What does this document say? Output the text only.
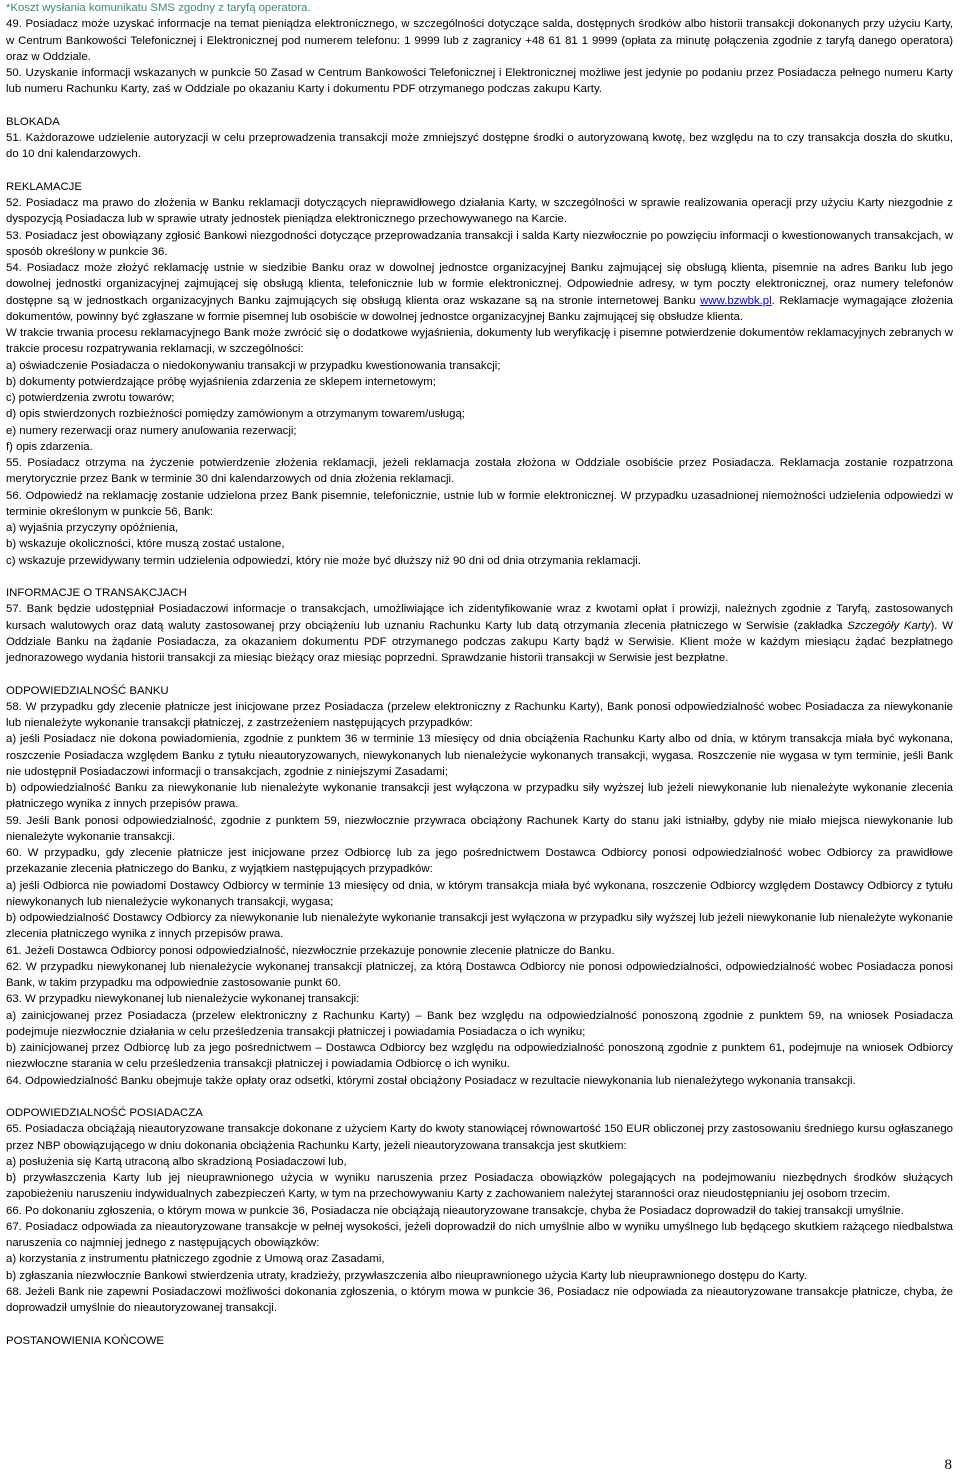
*Koszt wysłania komunikatu SMS zgodny z taryfą operatora.

49. Posiadacz może uzyskać informacje na temat pieniądza elektronicznego, w szczególności dotyczące salda, dostępnych środków albo historii transakcji dokonanych przy użyciu Karty, w Centrum Bankowości Telefonicznej i Elektronicznej pod numerem telefonu: 1 9999 lub z zagranicy +48 61 81 1 9999 (opłata za minutę połączenia zgodnie z taryfą danego operatora) oraz w Oddziale.

50. Uzyskanie informacji wskazanych w punkcie 50 Zasad w Centrum Bankowości Telefonicznej i Elektronicznej możliwe jest jedynie po podaniu przez Posiadacza pełnego numeru Karty lub numeru Rachunku Karty, zaś w Oddziale po okazaniu Karty i dokumentu PDF otrzymanego podczas zakupu Karty.

BLOKADA

51. Każdorazowe udzielenie autoryzacji w celu przeprowadzenia transakcji może zmniejszyć dostępne środki o autoryzowaną kwotę, bez względu na to czy transakcja doszła do skutku, do 10 dni kalendarzowych.

REKLAMACJE

52. Posiadacz ma prawo do złożenia w Banku reklamacji dotyczących nieprawidłowego działania Karty, w szczególności w sprawie realizowania operacji przy użyciu Karty niezgodnie z dyspozycją Posiadacza lub w sprawie utraty jednostek pieniądza elektronicznego przechowywanego na Karcie.

53. Posiadacz jest obowiązany zgłosić Bankowi niezgodności dotyczące przeprowadzania transakcji i salda Karty niezwłocznie po powzięciu informacji o kwestionowanych transakcjach, w sposób określony w punkcie 36.

54. Posiadacz może złożyć reklamację ustnie w siedzibie Banku oraz w dowolnej jednostce organizacyjnej Banku zajmującej się obsługą klienta, pisemnie na adres Banku lub jego dowolnej jednostki organizacyjnej zajmującej się obsługą klienta, telefonicznie lub w formie elektronicznej. Odpowiednie adresy, w tym poczty elektronicznej, oraz numery telefonów dostępne są w jednostkach organizacyjnych Banku zajmujących się obsługą klienta oraz wskazane są na stronie internetowej Banku www.bzwbk.pl. Reklamacje wymagające złożenia dokumentów, powinny być zgłaszane w formie pisemnej lub osobiście w dowolnej jednostce organizacyjnej Banku zajmującej się obsłudze klienta.

W trakcie trwania procesu reklamacyjnego Bank może zwrócić się o dodatkowe wyjaśnienia, dokumenty lub weryfikację i pisemne potwierdzenie dokumentów reklamacyjnych zebranych w trakcie procesu rozpatrywania reklamacji, w szczególności:

a) oświadczenie Posiadacza o niedokonywaniu transakcji w przypadku kwestionowania transakcji;

b) dokumenty potwierdzające próbę wyjaśnienia zdarzenia ze sklepem internetowym;

c) potwierdzenia zwrotu towarów;

d) opis stwierdzonych rozbieżności pomiędzy zamówionym a otrzymanym towarem/usługą;

e) numery rezerwacji oraz numery anulowania rezerwacji;

f) opis zdarzenia.

55. Posiadacz otrzyma na życzenie potwierdzenie złożenia reklamacji, jeżeli reklamacja została złożona w Oddziale osobiście przez Posiadacza. Reklamacja zostanie rozpatrzona merytorycznie przez Bank w terminie 30 dni kalendarzowych od dnia złożenia reklamacji.

56. Odpowiedź na reklamację zostanie udzielona przez Bank pisemnie, telefonicznie, ustnie lub w formie elektronicznej. W przypadku uzasadnionej niemożności udzielenia odpowiedzi w terminie określonym w punkcie 56, Bank:

a) wyjaśnia przyczyny opóźnienia,

b) wskazuje okoliczności, które muszą zostać ustalone,

c) wskazuje przewidywany termin udzielenia odpowiedzi, który nie może być dłuższy niż 90 dni od dnia otrzymania reklamacji.

INFORMACJE O TRANSAKCJACH

57. Bank będzie udostępniał Posiadaczowi informacje o transakcjach, umożliwiające ich zidentyfikowanie wraz z kwotami opłat i prowizji, należnych zgodnie z Taryfą, zastosowanych kursach walutowych oraz datą waluty zastosowanej przy obciążeniu lub uznaniu Rachunku Karty lub datą otrzymania zlecenia płatniczego w Serwisie (zakładka Szczegóły Karty). W Oddziale Banku na żądanie Posiadacza, za okazaniem dokumentu PDF otrzymanego podczas zakupu Karty bądź w Serwisie. Klient może w każdym miesiącu żądać bezpłatnego jednorazowego wydania historii transakcji za miesiąc bieżący oraz miesiąc poprzedni. Sprawdzanie historii transakcji w Serwisie jest bezpłatne.

ODPOWIEDZIALNOŚĆ BANKU

58. W przypadku gdy zlecenie płatnicze jest inicjowane przez Posiadacza (przelew elektroniczny z Rachunku Karty), Bank ponosi odpowiedzialność wobec Posiadacza za niewykonanie lub nienależyte wykonanie transakcji płatniczej, z zastrzeżeniem następujących przypadków:

a) jeśli Posiadacz nie dokona powiadomienia, zgodnie z punktem 36 w terminie 13 miesięcy od dnia obciążenia Rachunku Karty albo od dnia, w którym transakcja miała być wykonana, roszczenie Posiadacza względem Banku z tytułu nieautoryzowanych, niewykonanych lub nienależycie wykonanych transakcji, wygasa. Roszczenie nie wygasa w tym terminie, jeśli Bank nie udostępnił Posiadaczowi informacji o transakcjach, zgodnie z niniejszymi Zasadami;

b) odpowiedzialność Banku za niewykonanie lub nienależyte wykonanie transakcji jest wyłączona w przypadku siły wyższej lub jeżeli niewykonanie lub nienależyte wykonanie zlecenia płatniczego wynika z innych przepisów prawa.

59. Jeśli Bank ponosi odpowiedzialność, zgodnie z punktem 59, niezwłocznie przywraca obciążony Rachunek Karty do stanu jaki istniałby, gdyby nie miało miejsca niewykonanie lub nienależyte wykonanie transakcji.

60. W przypadku, gdy zlecenie płatnicze jest inicjowane przez Odbiorcę lub za jego pośrednictwem Dostawca Odbiorcy ponosi odpowiedzialność wobec Odbiorcy za prawidłowe przekazanie zlecenia płatniczego do Banku, z wyjątkiem następujących przypadków:

a) jeśli Odbiorca nie powiadomi Dostawcy Odbiorcy w terminie 13 miesięcy od dnia, w którym transakcja miała być wykonana, roszczenie Odbiorcy względem Dostawcy Odbiorcy z tytułu niewykonanych lub nienależycie wykonanych transakcji, wygasa;

b) odpowiedzialność Dostawcy Odbiorcy za niewykonanie lub nienależyte wykonanie transakcji jest wyłączona w przypadku siły wyższej lub jeżeli niewykonanie lub nienależyte wykonanie zlecenia płatniczego wynika z innych przepisów prawa.

61. Jeżeli Dostawca Odbiorcy ponosi odpowiedzialność, niezwłocznie przekazuje ponownie zlecenie płatnicze do Banku.

62. W przypadku niewykonanej lub nienależycie wykonanej transakcji płatniczej, za którą Dostawca Odbiorcy nie ponosi odpowiedzialności, odpowiedzialność wobec Posiadacza ponosi Bank, w takim przypadku ma odpowiednie zastosowanie punkt 60.

63. W przypadku niewykonanej lub nienależycie wykonanej transakcji:

a) zainicjowanej przez Posiadacza (przelew elektroniczny z Rachunku Karty) – Bank bez względu na odpowiedzialność ponoszoną zgodnie z punktem 59, na wniosek Posiadacza podejmuje niezwłocznie działania w celu prześledzenia transakcji płatniczej i powiadamia Posiadacza o ich wyniku;

b) zainicjowanej przez Odbiorcę lub za jego pośrednictwem – Dostawca Odbiorcy bez względu na odpowiedzialność ponoszoną zgodnie z punktem 61, podejmuje na wniosek Odbiorcy niezwłoczne starania w celu prześledzenia transakcji płatniczej i powiadamia Odbiorcę o ich wyniku.

64. Odpowiedzialność Banku obejmuje także opłaty oraz odsetki, którymi został obciążony Posiadacz w rezultacie niewykonania lub nienależytego wykonania transakcji.

ODPOWIEDZIALNOŚĆ POSIADACZA

65. Posiadacza obciążają nieautoryzowane transakcje dokonane z użyciem Karty do kwoty stanowiącej równowartość 150 EUR obliczonej przy zastosowaniu średniego kursu ogłaszanego przez NBP obowiązującego w dniu dokonania obciążenia Rachunku Karty, jeżeli nieautoryzowana transakcja jest skutkiem:

a) posłużenia się Kartą utraconą albo skradzioną Posiadaczowi lub,

b) przywłaszczenia Karty lub jej nieuprawnionego użycia w wyniku naruszenia przez Posiadacza obowiązków polegających na podejmowaniu niezbędnych środków służących zapobieżeniu naruszeniu indywidualnych zabezpieczeń Karty, w tym na przechowywaniu Karty z zachowaniem należytej staranności oraz nieudostępnianiu jej osobom trzecim.

66. Po dokonaniu zgłoszenia, o którym mowa w punkcie 36, Posiadacza nie obciążają nieautoryzowane transakcje, chyba że Posiadacz doprowadził do takiej transakcji umyślnie.

67. Posiadacz odpowiada za nieautoryzowane transakcje w pełnej wysokości, jeżeli doprowadził do nich umyślnie albo w wyniku umyślnego lub będącego skutkiem rażącego niedbalstwa naruszenia co najmniej jednego z następujących obowiązków:

a) korzystania z instrumentu płatniczego zgodnie z Umową oraz Zasadami,

b) zgłaszania niezwłocznie Bankowi stwierdzenia utraty, kradzieży, przywłaszczenia albo nieuprawnionego użycia Karty lub nieuprawnionego dostępu do Karty.

68. Jeżeli Bank nie zapewni Posiadaczowi możliwości dokonania zgłoszenia, o którym mowa w punkcie 36, Posiadacz nie odpowiada za nieautoryzowane transakcje płatnicze, chyba, że doprowadził umyślnie do nieautoryzowanej transakcji.

POSTANOWIENIA KOŃCOWE

8
